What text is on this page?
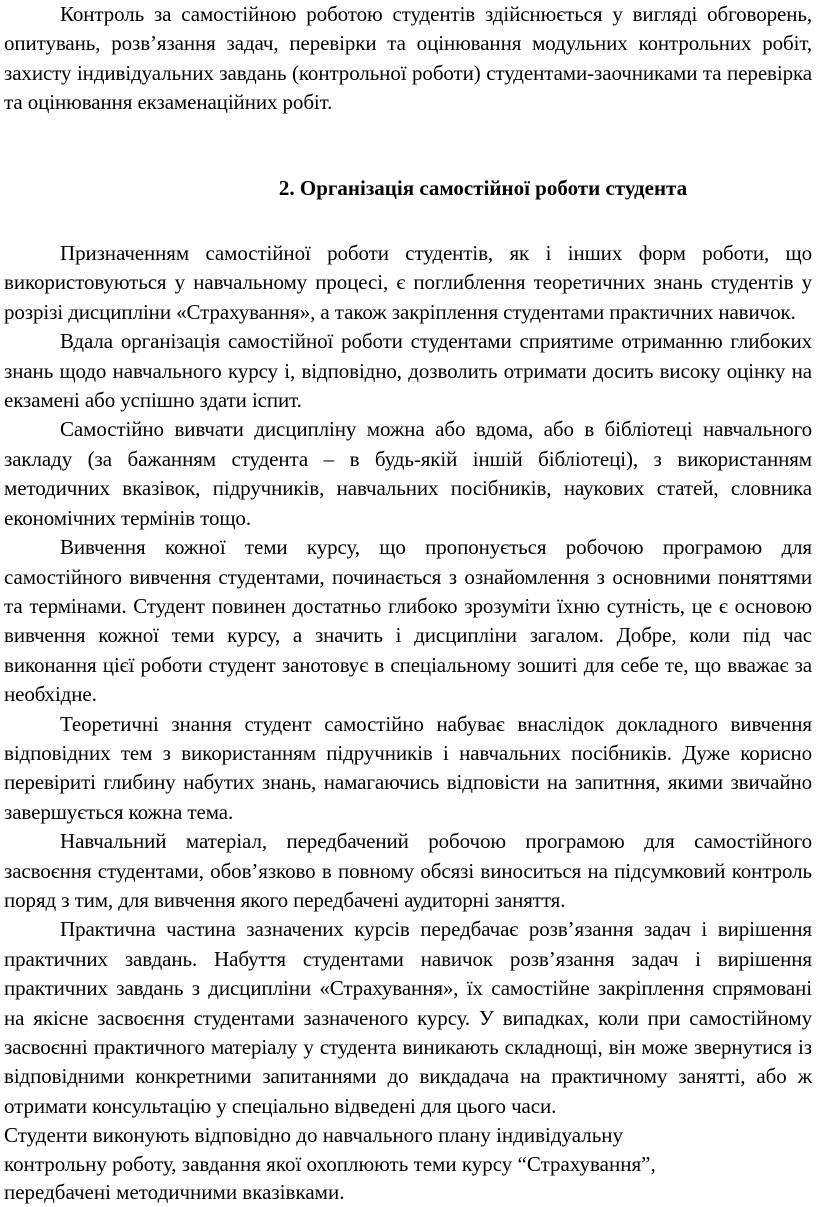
Контроль за самостійною роботою студентів здійснюється у вигляді обговорень, опитувань, розв’язання задач, перевірки та оцінювання модульних контрольних робіт, захисту індивідуальних завдань (контрольної роботи) студентами-заочниками та перевірка та оцінювання екзаменаційних робіт.

2. Організація самостійної роботи студента

Призначенням самостійної роботи студентів, як і інших форм роботи, що використовуються у навчальному процесі, є поглиблення теоретичних знань студентів у розрізі дисципліни «Страхування», а також закріплення студентами практичних навичок.

Вдала організація самостійної роботи студентами сприятиме отриманню глибоких знань щодо навчального курсу і, відповідно, дозволить отримати досить високу оцінку на екзамені або успішно здати іспит.

Самостійно вивчати дисципліну можна або вдома, або в бібліотеці навчального закладу (за бажанням студента – в будь-якій іншій бібліотеці), з використанням методичних вказівок, підручників, навчальних посібників, наукових статей, словника економічних термінів тощо.

Вивчення кожної теми курсу, що пропонується робочою програмою для самостійного вивчення студентами, починається з ознайомлення з основними поняттями та термінами. Студент повинен достатньо глибоко зрозуміти їхню сутність, це є основою вивчення кожної теми курсу, а значить і дисципліни загалом. Добре, коли під час виконання цієї роботи студент занотовує в спеціальному зошиті для себе те, що вважає за необхідне.

Теоретичні знання студент самостійно набуває внаслідок докладного вивчення відповідних тем з використанням підручників і навчальних посібників. Дуже корисно перевіриті глибину набутих знань, намагаючись відповісти на запитння, якими звичайно завершується кожна тема.

Навчальний матеріал, передбачений робочою програмою для самостійного засвоєння студентами, обов’язково в повному обсязі виноситься на підсумковий контроль поряд з тим, для вивчення якого передбачені аудиторні заняття.

Практична частина зазначених курсів передбачає розв’язання задач і вирішення практичних завдань. Набуття студентами навичок розв’язання задач і вирішення практичних завдань з дисципліни «Страхування», їх самостійне закріплення спрямовані на якісне засвоєння студентами зазначеного курсу. У випадках, коли при самостійному засвоєнні практичного матеріалу у студента виникають складнощі, він може звернутися із відповідними конкретними запитаннями до викдадача на практичному занятті, або ж отримати консультацію у спеціально відведені для цього часи.

Студенти виконують відповідно до навчального плану індивідуальну контрольну роботу, завдання якої охоплюють теми курсу “Страхування”, передбачені методичними вказівками.
